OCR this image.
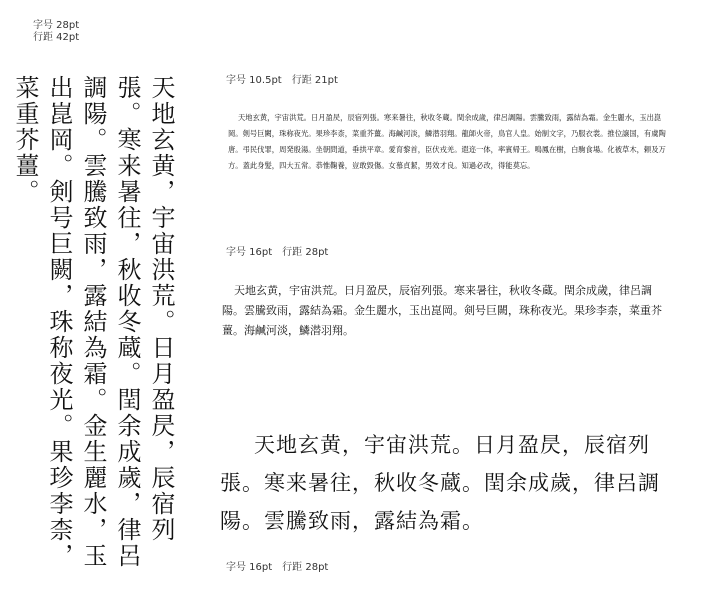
字号 28pt
行距 42pt
天地玄黄，宇宙洪荒。日月盈昃，辰宿列張。寒来暑往，秋收冬蔵。閏余成歲，律呂調陽。雲騰致雨，露結為霜。金生麗水，玉出崑岡。剣号巨闕，珠称夜光。果珍李柰，菜重芥薑。	字号 10.5pt　行距 21pt
天地玄黄，宇宙洪荒。日月盈昃，辰宿列張。寒来暑往，秋收冬蔵。閏余成歲，律呂調陽。雲騰致雨，露結為霜。金生麗水，玉出崑岡。剣号巨闕，珠称夜光。果珍李柰，菜重芥薑。海鹹河淡，鱗潜羽翔。龍師火帝，鳥官人皇。始制文字，乃服衣裳。推位譲国，有虞陶唐。弔民伐罪，周発殷湯。坐朝問道，垂拱平章。愛育黎首，臣伏戎羌。遐迩一体，率賓帰王。鳴鳳在樹，白駒食場。化被草木，頼及万方。蓋此身髪，四大五常。恭惟鞠養，豈敢毀傷。女慕貞絜，男效才良。知過必改，得能莫忘。
字号 16pt　行距 28pt
天地玄黄，宇宙洪荒。日月盈昃，辰宿列張。寒来暑往，秋收冬蔵。閏余成歲，律呂調陽。雲騰致雨，露結為霜。金生麗水，玉出崑岡。剣号巨闕，珠称夜光。果珍李柰，菜重芥薑。海鹹河淡，鱗潜羽翔。
天地玄黄，宇宙洪荒。日月盈昃，辰宿列張。寒来暑往，秋收冬蔵。閏余成歲，律呂調陽。雲騰致雨，露結為霜。
字号 16pt　行距 28pt
